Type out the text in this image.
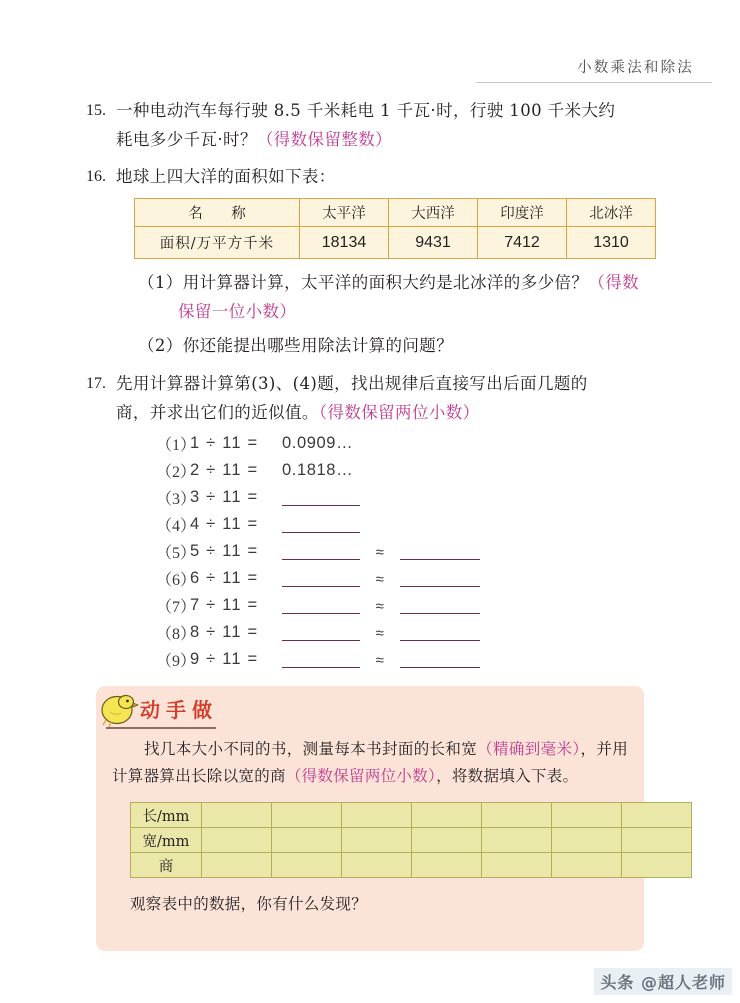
小数乘法和除法
15. 一种电动汽车每行驶 8.5 千米耗电 1 千瓦·时，行驶 100 千米大约
耗电多少千瓦·时？（得数保留整数）
16. 地球上四大洋的面积如下表：
名　称	太平洋	大西洋	印度洋	北冰洋
面积/万平方千米	18134	9431	7412	1310
（1）用计算器计算，太平洋的面积大约是北冰洋的多少倍？（得数
保留一位小数）
（2）你还能提出哪些用除法计算的问题？
17. 先用计算器计算第(3)、(4)题，找出规律后直接写出后面几题的
商，并求出它们的近似值。（得数保留两位小数）
（1）
1 ÷ 11 =	0.0909…
（2）
2 ÷ 11 =	0.1818…
（3）
3 ÷ 11 =
（4）
4 ÷ 11 =
（5）
5 ÷ 11 =	≈
（6）
6 ÷ 11 =	≈
（7）
7 ÷ 11 =	≈
（8）
8 ÷ 11 =	≈
（9）
9 ÷ 11 =	≈
动手做

找几本大小不同的书，测量每本书封面的长和宽（精确到毫米），并用计算器算出长除以宽的商（得数保留两位小数），将数据填入下表。

长/mm							
宽/mm							
商							
观察表中的数据，你有什么发现？
头条 @超人老师
